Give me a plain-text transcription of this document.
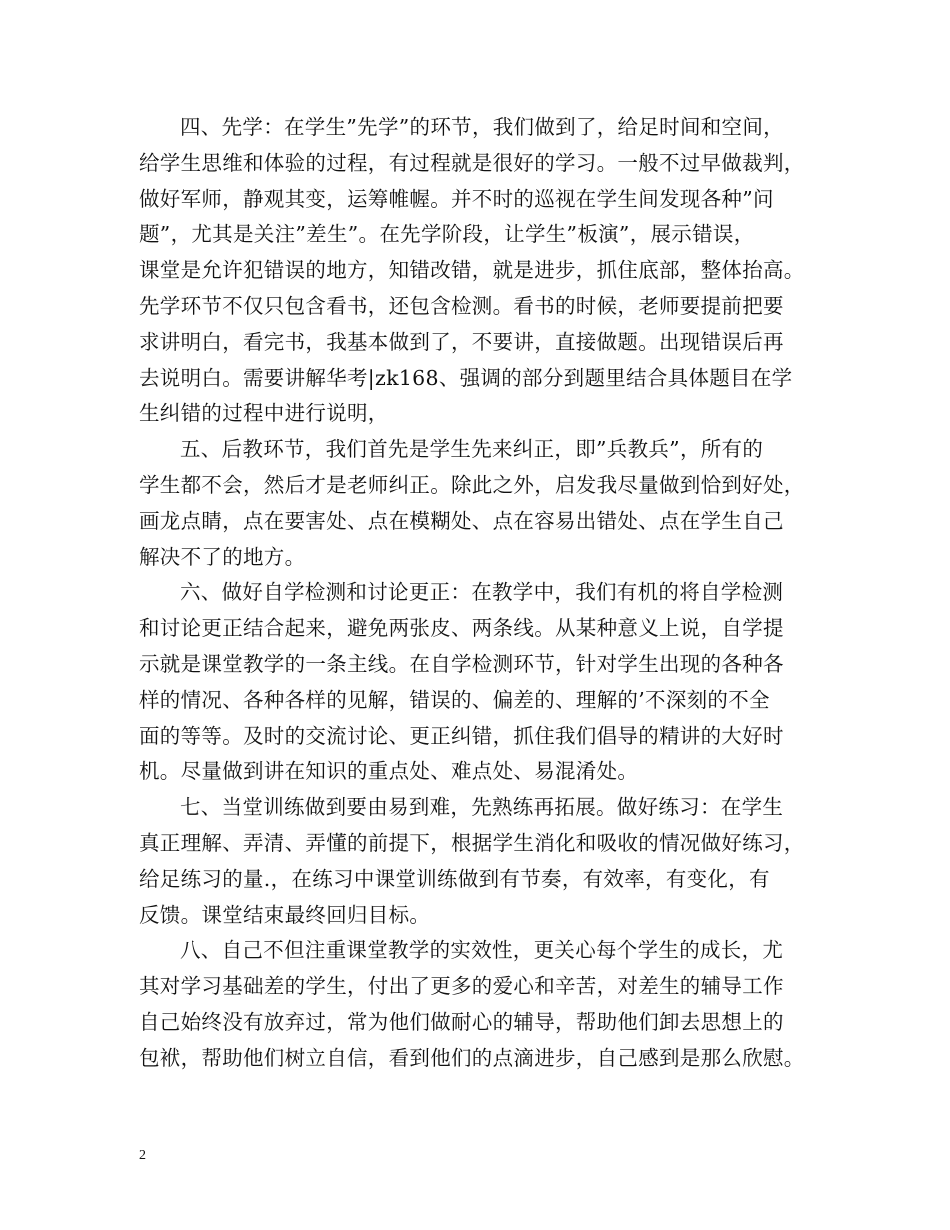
四、先学：在学生”先学”的环节，我们做到了，给足时间和空间，
给学生思维和体验的过程，有过程就是很好的学习。一般不过早做裁判，
做好军师，静观其变，运筹帷幄。并不时的巡视在学生间发现各种”问
题”，尤其是关注”差生”。在先学阶段，让学生”板演”，展示错误，
课堂是允许犯错误的地方，知错改错，就是进步，抓住底部，整体抬高。
先学环节不仅只包含看书，还包含检测。看书的时候，老师要提前把要
求讲明白，看完书，我基本做到了，不要讲，直接做题。出现错误后再
去说明白。需要讲解华考|zk168、强调的部分到题里结合具体题目在学
生纠错的过程中进行说明，
五、后教环节，我们首先是学生先来纠正，即”兵教兵”，所有的
学生都不会，然后才是老师纠正。除此之外，启发我尽量做到恰到好处，
画龙点睛，点在要害处、点在模糊处、点在容易出错处、点在学生自己
解决不了的地方。
六、做好自学检测和讨论更正：在教学中，我们有机的将自学检测
和讨论更正结合起来，避免两张皮、两条线。从某种意义上说，自学提
示就是课堂教学的一条主线。在自学检测环节，针对学生出现的各种各
样的情况、各种各样的见解，错误的、偏差的、理解的’不深刻的不全
面的等等。及时的交流讨论、更正纠错，抓住我们倡导的精讲的大好时
机。尽量做到讲在知识的重点处、难点处、易混淆处。
七、当堂训练做到要由易到难，先熟练再拓展。做好练习：在学生
真正理解、弄清、弄懂的前提下，根据学生消化和吸收的情况做好练习，
给足练习的量.，在练习中课堂训练做到有节奏，有效率，有变化，有
反馈。课堂结束最终回归目标。
八、自己不但注重课堂教学的实效性，更关心每个学生的成长，尤
其对学习基础差的学生，付出了更多的爱心和辛苦，对差生的辅导工作
自己始终没有放弃过，常为他们做耐心的辅导，帮助他们卸去思想上的
包袱，帮助他们树立自信，看到他们的点滴进步，自己感到是那么欣慰。
2
